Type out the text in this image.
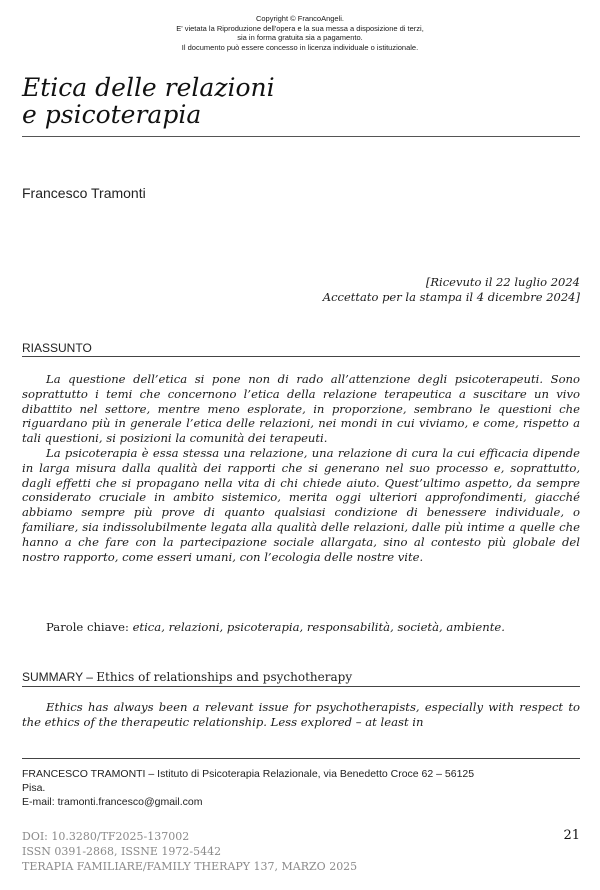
Copyright © FrancoAngeli.
E' vietata la Riproduzione dell'opera e la sua messa a disposizione di terzi,
sia in forma gratuita sia a pagamento.
Il documento può essere concesso in licenza individuale o istituzionale.
Etica delle relazioni
e psicoterapia
Francesco Tramonti
[Ricevuto il 22 luglio 2024
Accettato per la stampa il 4 dicembre 2024]
RIASSUNTO

La questione dell’etica si pone non di rado all’attenzione degli psicoterapeuti. Sono soprattutto i temi che concernono l’etica della relazione terapeutica a suscitare un vivo dibattito nel settore, mentre meno esplorate, in proporzione, sembrano le questioni che riguardano più in generale l’etica delle relazioni, nei mondi in cui viviamo, e come, rispetto a tali questioni, si posizioni la comunità dei terapeuti.

La psicoterapia è essa stessa una relazione, una relazione di cura la cui efficacia dipende in larga misura dalla qualità dei rapporti che si generano nel suo processo e, soprattutto, dagli effetti che si propagano nella vita di chi chiede aiuto. Quest’ultimo aspetto, da sempre considerato cruciale in ambito sistemico, merita oggi ulteriori approfondimenti, giacché abbiamo sempre più prove di quanto qualsiasi condizione di benessere individuale, o familiare, sia indissolubilmente legata alla qualità delle relazioni, dalle più intime a quelle che hanno a che fare con la partecipazione sociale allargata, sino al contesto più globale del nostro rapporto, come esseri umani, con l’ecologia delle nostre vite.

Parole chiave: etica, relazioni, psicoterapia, responsabilità, società, ambiente.
SUMMARY – Ethics of relationships and psychotherapy

Ethics has always been a relevant issue for psychotherapists, especially with respect to the ethics of the therapeutic relationship. Less explored – at least in

FRANCESCO TRAMONTI – Istituto di Psicoterapia Relazionale, via Benedetto Croce 62 – 56125
Pisa.
E-mail: tramonti.francesco@gmail.com
DOI: 10.3280/TF2025-137002
ISSN 0391-2868, ISSNE 1972-5442
TERAPIA FAMILIARE/FAMILY THERAPY 137, MARZO 2025
21
